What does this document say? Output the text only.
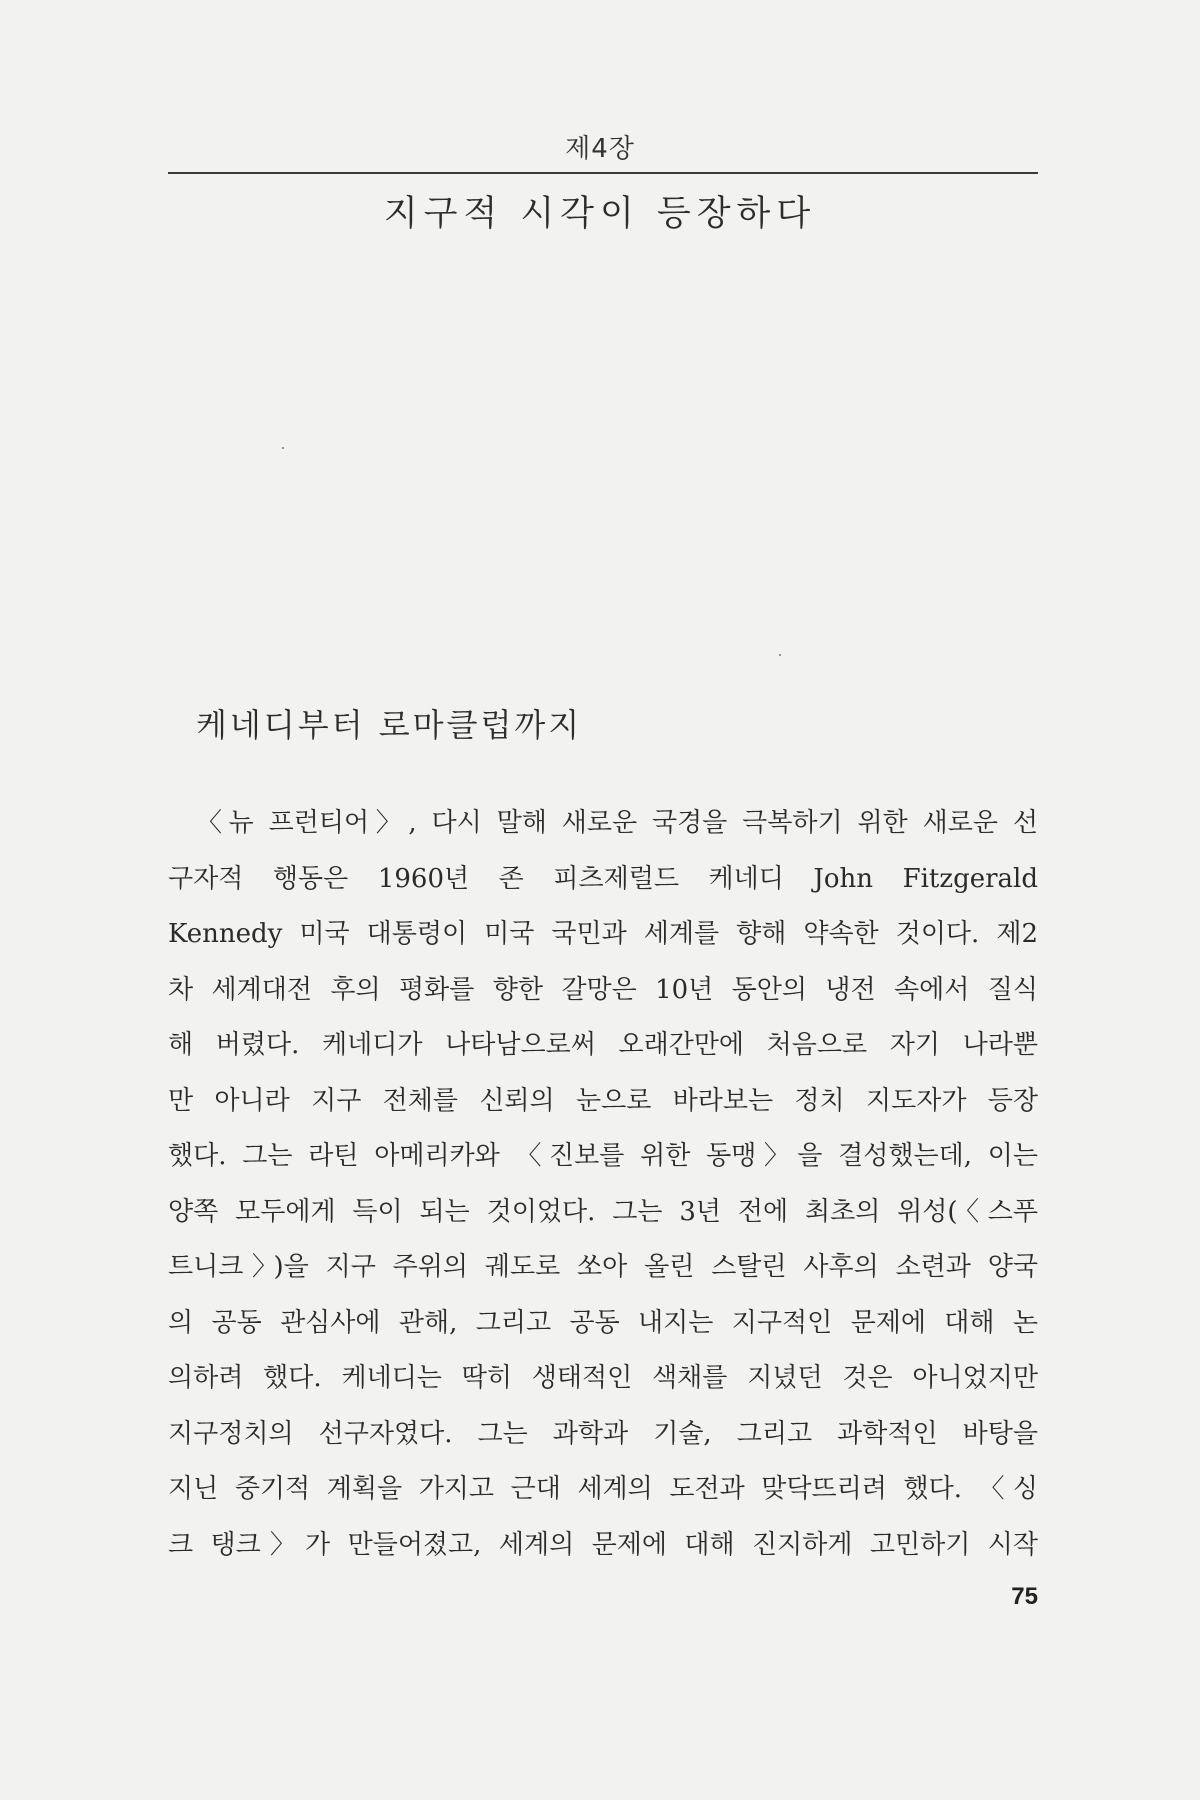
제4장
지구적 시각이 등장하다
케네디부터 로마클럽까지
〈뉴 프런티어〉, 다시 말해 새로운 국경을 극복하기 위한 새로운 선
구자적 행동은 1960년 존 피츠제럴드 케네디 John Fitzgerald
Kennedy 미국 대통령이 미국 국민과 세계를 향해 약속한 것이다. 제2
차 세계대전 후의 평화를 향한 갈망은 10년 동안의 냉전 속에서 질식
해 버렸다. 케네디가 나타남으로써 오래간만에 처음으로 자기 나라뿐
만 아니라 지구 전체를 신뢰의 눈으로 바라보는 정치 지도자가 등장
했다. 그는 라틴 아메리카와 〈진보를 위한 동맹〉을 결성했는데, 이는
양쪽 모두에게 득이 되는 것이었다. 그는 3년 전에 최초의 위성(〈스푸
트니크〉)을 지구 주위의 궤도로 쏘아 올린 스탈린 사후의 소련과 양국
의 공동 관심사에 관해, 그리고 공동 내지는 지구적인 문제에 대해 논
의하려 했다. 케네디는 딱히 생태적인 색채를 지녔던 것은 아니었지만
지구정치의 선구자였다. 그는 과학과 기술, 그리고 과학적인 바탕을
지닌 중기적 계획을 가지고 근대 세계의 도전과 맞닥뜨리려 했다. 〈싱
크 탱크〉가 만들어졌고, 세계의 문제에 대해 진지하게 고민하기 시작
75
